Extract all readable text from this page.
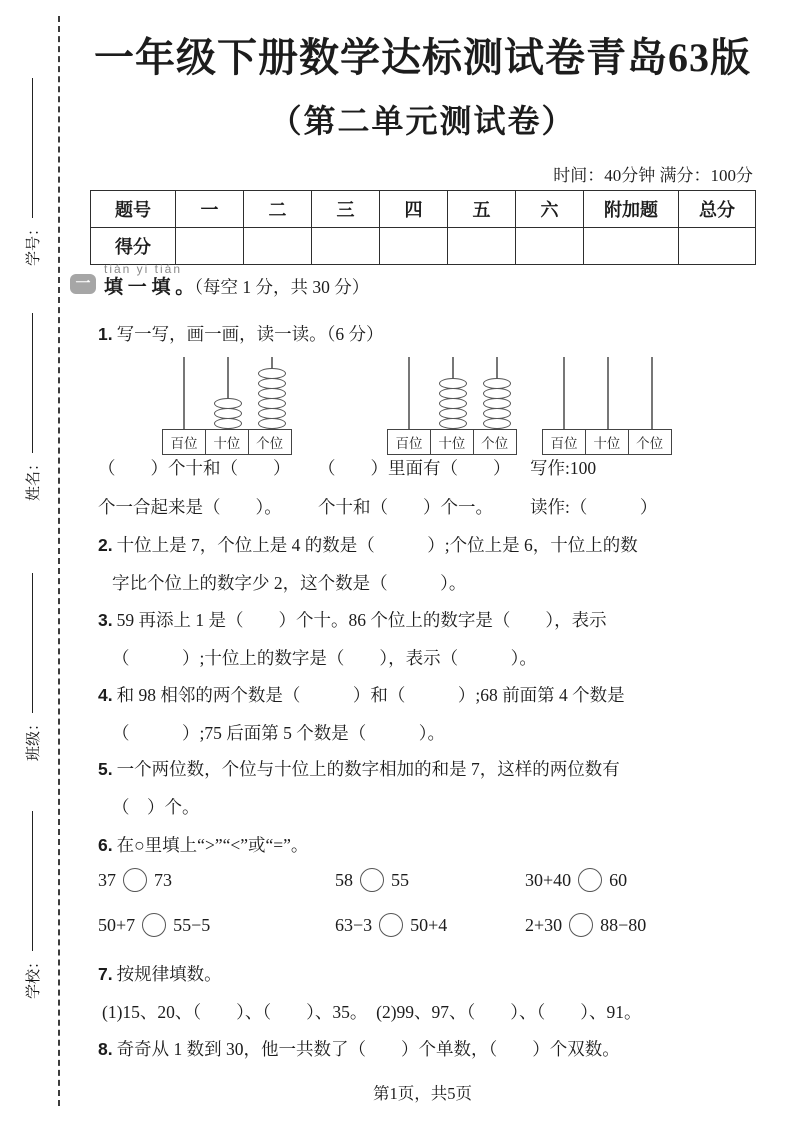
学号：
姓名：
班级：
学校：
一年级下册数学达标测试卷青岛63版
（第二单元测试卷）
时间：40分钟 满分：100分
题号	一	二	三	四	五	六	附加题	总分
得分								
一
tián yi tián
填 一 填 。（每空 1 分，共 30 分）
1. 写一写，画一画，读一读。（6 分）
百位	十位	个位	百位	十位	个位	百位	十位	个位
（　　）个十和（　　）	（　　）里面有（　　）	写作:100
个一合起来是（　　）。	个十和（　　）个一。	读作:（　　　）
2. 十位上是 7，个位上是 4 的数是（　　　）;个位上是 6，十位上的数
字比个位上的数字少 2，这个数是（　　　）。
3. 59 再添上 1 是（　　）个十。86 个位上的数字是（　　），表示
（　　　）;十位上的数字是（　　），表示（　　　）。
4. 和 98 相邻的两个数是（　　　）和（　　　）;68 前面第 4 个数是
（　　　）;75 后面第 5 个数是（　　　）。
5. 一个两位数，个位与十位上的数字相加的和是 7，这样的两位数有
（　）个。
6. 在○里填上“>”“<”或“=”。
37 73	58 55	30+40 60
50+7 55−5	63−3 50+4	2+30 88−80
7. 按规律填数。
(1)15、20、（　　）、（　　）、35。　(2)99、97、（　　）、（　　）、91。
8. 奇奇从 1 数到 30，他一共数了（　　）个单数，（　　）个双数。
第1页，共5页
